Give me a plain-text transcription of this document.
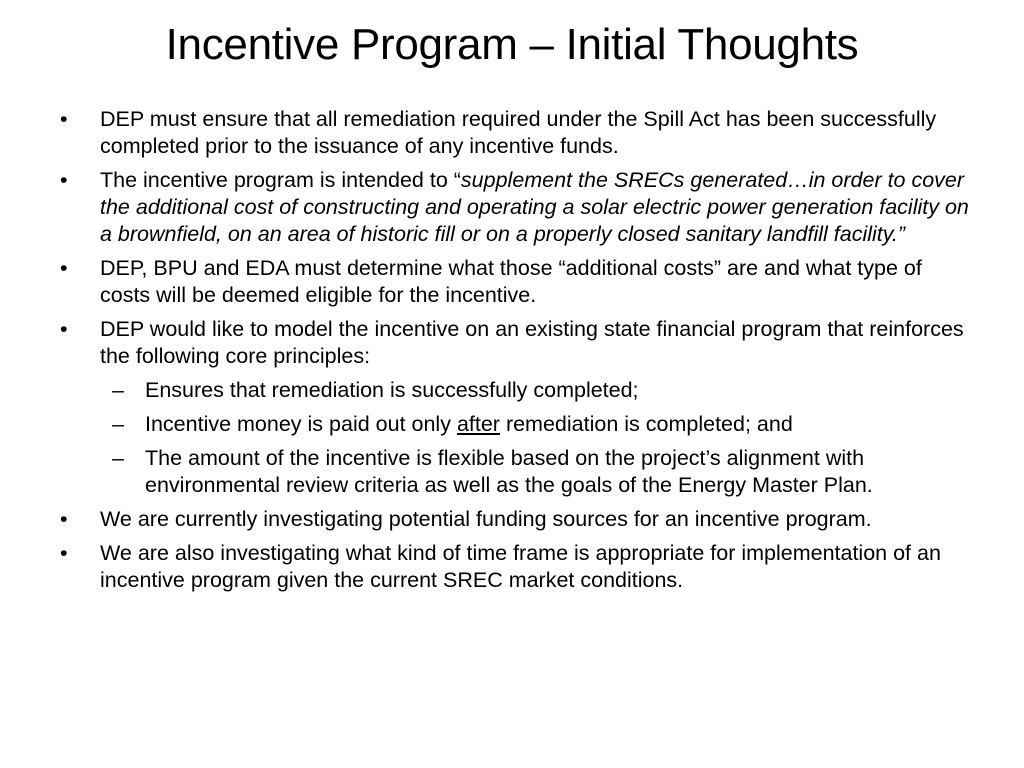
Incentive Program – Initial Thoughts
•	DEP must ensure that all remediation required under the Spill Act has been successfully completed prior to the issuance of any incentive funds.
•	The incentive program is intended to “supplement the SRECs generated…in order to cover the additional cost of constructing and operating a solar electric power generation facility on a brownfield, on an area of historic fill or on a properly closed sanitary landfill facility.”
•	DEP, BPU and EDA must determine what those “additional costs” are and what type of costs will be deemed eligible for the incentive.
•	DEP would like to model the incentive on an existing state financial program that reinforces the following core principles:
– Ensures that remediation is successfully completed;
– Incentive money is paid out only after remediation is completed; and
– The amount of the incentive is flexible based on the project’s alignment with environmental review criteria as well as the goals of the Energy Master Plan.
•	We are currently investigating potential funding sources for an incentive program.
•	We are also investigating what kind of time frame is appropriate for implementation of an incentive program given the current SREC market conditions.
